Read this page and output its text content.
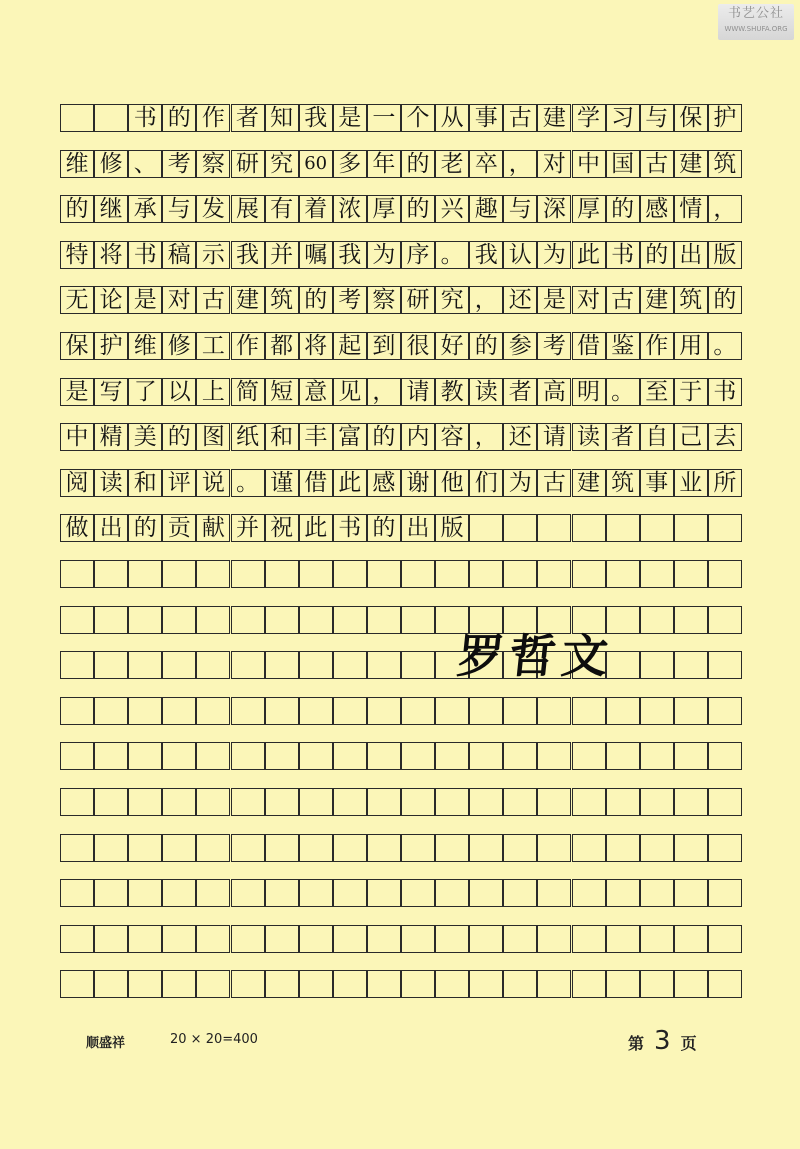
书艺公社
WWW.SHUFA.ORG
书 的 作 者 知 我 是 一 个 从 事 古 建 学 习 与 保 护
维 修 、 考 察 研 究 60 多 年 的 老 卒 ， 对 中 国 古 建 筑
的 继 承 与 发 展 有 着 浓 厚 的 兴 趣 与 深 厚 的 感 情 ，
特 将 书 稿 示 我 并 嘱 我 为 序 。 我 认 为 此 书 的 出 版
无 论 是 对 古 建 筑 的 考 察 研 究 ， 还 是 对 古 建 筑 的
保 护 维 修 工 作 都 将 起 到 很 好 的 参 考 借 鉴 作 用 。
是 写 了 以 上 简 短 意 见 ， 请 教 读 者 高 明 。 至 于 书
中 精 美 的 图 纸 和 丰 富 的 内 容 ， 还 请 读 者 自 己 去
阅 读 和 评 说 。 谨 借 此 感 谢 他 们 为 古 建 筑 事 业 所
做 出 的 贡 献 并 祝 此 书 的 出 版
罗哲文
顺盛祥	20 × 20=400	第 3 页
